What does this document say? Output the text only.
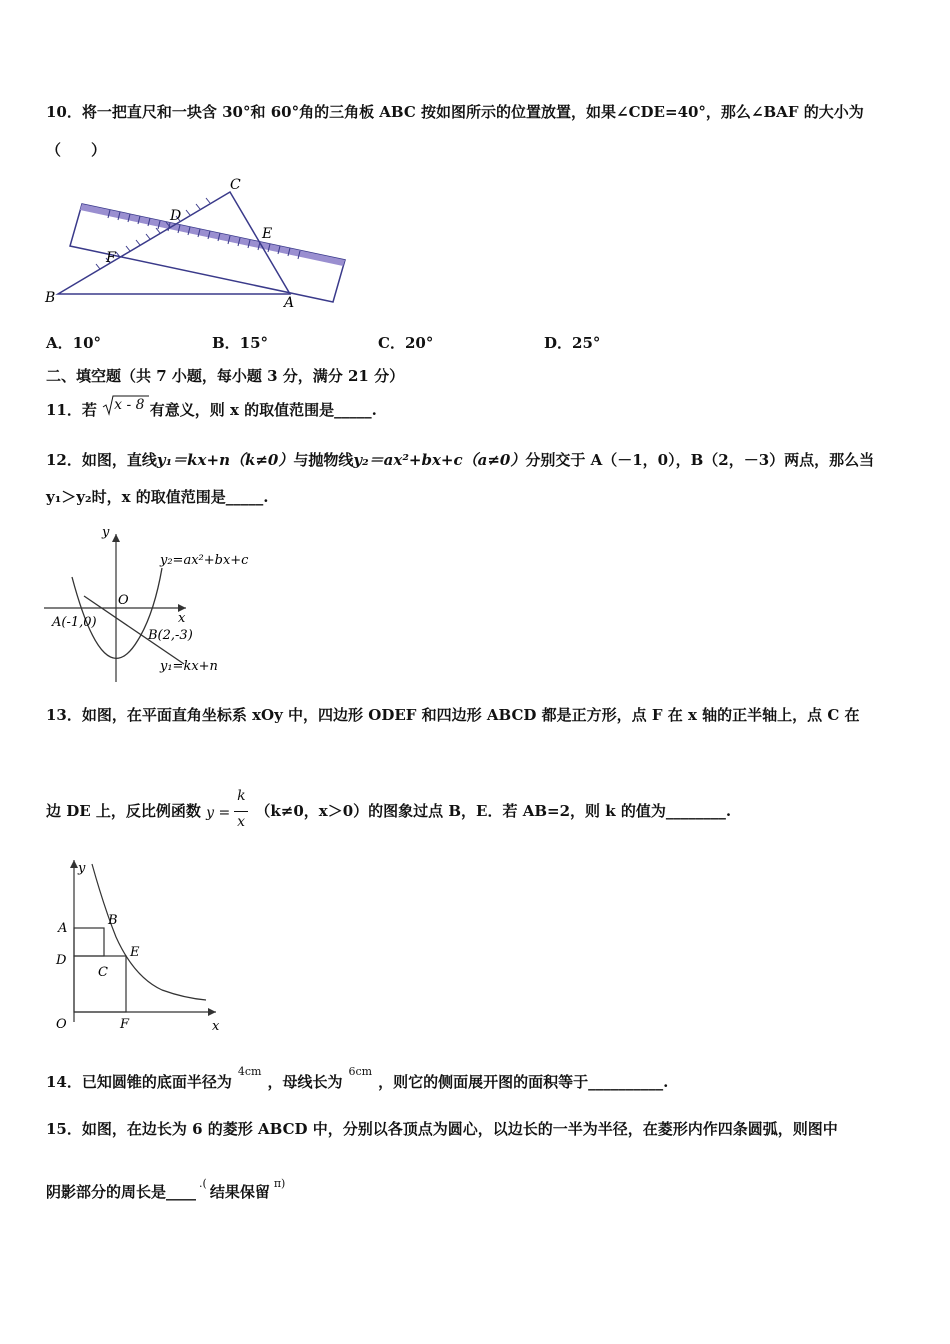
10．将一把直尺和一块含 30°和 60°角的三角板 ABC 按如图所示的位置放置，如果∠CDE=40°，那么∠BAF 的大小为
（　　）
C
D
E
F
B	A
A．10°	B．15°	C．20°	D．25°
二、填空题（共 7 小题，每小题 3 分，满分 21 分）
11．若 x - 8 有意义，则 x 的取值范围是_____.
12．如图，直线y₁＝kx+n（k≠0）与抛物线y₂＝ax²+bx+c（a≠0）分别交于 A（－1，0），B（2，－3）两点，那么当
y₁＞y₂时，x 的取值范围是_____.
y
x
O
A(-1,0)
B(2,-3)
y₂=ax²+bx+c
y₁=kx+n
13．如图，在平面直角坐标系 xOy 中，四边形 ODEF 和四边形 ABCD 都是正方形，点 F 在 x 轴的正半轴上，点 C 在
边 DE 上，反比例函数 y =
k
x
（k≠0，x＞0）的图象过点 B，E．若 AB=2，则 k 的值为________.
y
x
O
A
B
C
D
E
F
14．已知圆锥的底面半径为$^{4cm}$，母线长为$^{6cm}$，则它的侧面展开图的面积等于__________.
15．如图，在边长为 6 的菱形 ABCD 中，分别以各顶点为圆心，以边长的一半为半径，在菱形内作四条圆弧，则图中
阴影部分的周长是____ .( 结果保留 $^{\pi)}$
